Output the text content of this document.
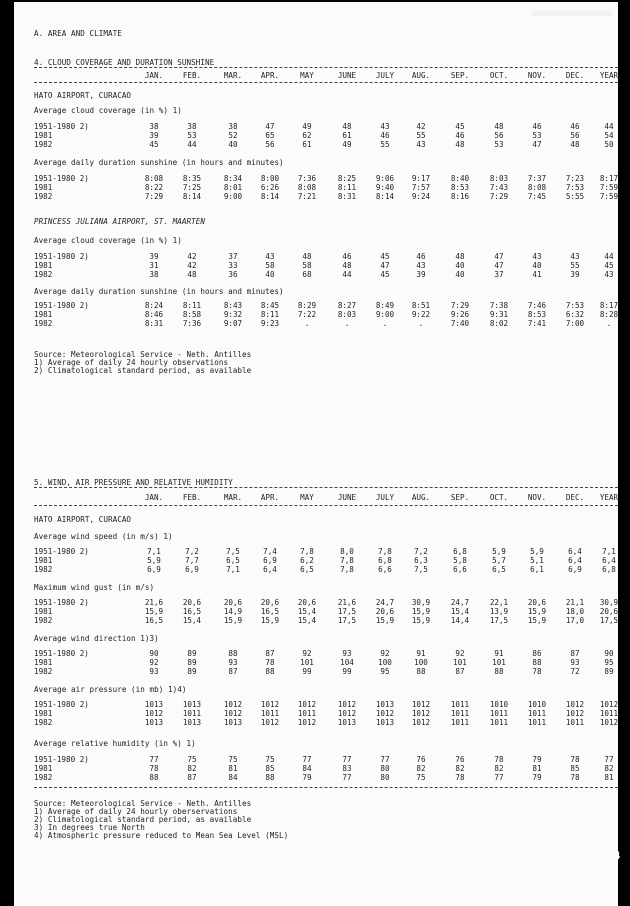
A. AREA AND CLIMATE
4. CLOUD COVERAGE AND DURATION SUNSHINE
JAN.	FEB.	MAR.	APR.	MAY	JUNE	JULY	AUG.	SEP.	OCT.	NOV.	DEC.	YEAR
HATO AIRPORT, CURACAO
Average cloud coverage (in %) 1)
1951-1980 2)	38	38	38	47	49	48	43	42	45	48	46	46	44
1981	39	53	52	65	62	61	46	55	46	56	53	56	54
1982	45	44	40	56	61	49	55	43	48	53	47	48	50
Average daily duration sunshine (in hours and minutes)
1951-1980 2)	8:08	8:35	8:34	8:00	7:36	8:25	9:06	9:17	8:40	8:03	7:37	7:23	8:17
1981	8:22	7:25	8:01	6:26	8:08	8:11	9:40	7:57	8:53	7:43	8:08	7:53	7:59
1982	7:29	8:14	9:00	8:14	7:21	8:31	8:14	9:24	8:16	7:29	7:45	5:55	7:59
PRINCESS JULIANA AIRPORT, ST. MAARTEN
Average cloud coverage (in %) 1)
1951-1980 2)	39	42	37	43	48	46	45	46	48	47	43	43	44
1981	31	42	33	58	58	48	47	43	40	47	40	55	45
1982	38	48	36	40	68	44	45	39	40	37	41	39	43
Average daily duration sunshine (in hours and minutes)
1951-1980 2)	8:24	8:11	8:43	8:45	8:29	8:27	8:49	8:51	7:29	7:38	7:46	7:53	8:17
1981	8:46	8:58	9:32	8:11	7:22	8:03	9:00	9:22	9:26	9:31	8:53	6:32	8:28
1982	8:31	7:36	9:07	9:23	.	.	.	.	7:40	8:02	7:41	7:00	.
Source: Meteorological Service - Neth. Antilles
1) Average of daily 24 hourly observations
2) Climatological standard period, as available
5. WIND, AIR PRESSURE AND RELATIVE HUMIDITY
JAN.	FEB.	MAR.	APR.	MAY	JUNE	JULY	AUG.	SEP.	OCT.	NOV.	DEC.	YEAR
HATO AIRPORT, CURACAO
Average wind speed (in m/s) 1)
1951-1980 2)	7,1	7,2	7,5	7,4	7,8	8,0	7,8	7,2	6,8	5,9	5,9	6,4	7,1
1981	5,9	7,7	6,5	6,9	6,2	7,8	6,8	6,3	5,8	5,7	5,1	6,4	6,4
1982	6,9	6,9	7,1	6,4	6,5	7,8	6,6	7,5	6,6	6,5	6,1	6,9	6,8
Maximum wind gust (in m/s)
1951-1980 2)	21,6	20,6	20,6	20,6	20,6	21,6	24,7	30,9	24,7	22,1	20,6	21,1	30,9
1981	15,9	16,5	14,9	16,5	15,4	17,5	20,6	15,9	15,4	13,9	15,9	18,0	20,6
1982	16,5	15,4	15,9	15,9	15,4	17,5	15,9	15,9	14,4	17,5	15,9	17,0	17,5
Average wind direction 1)3)
1951-1980 2)	90	89	88	87	92	93	92	91	92	91	86	87	90
1981	92	89	93	78	101	104	100	100	101	101	88	93	95
1982	93	89	87	88	99	99	95	88	87	88	78	72	89
Average air pressure (in mb) 1)4)
1951-1980 2)	1013	1013	1012	1012	1012	1012	1013	1012	1011	1010	1010	1012	1012
1981	1012	1011	1012	1011	1011	1012	1012	1012	1011	1011	1011	1012	1011
1982	1013	1013	1013	1012	1012	1013	1013	1012	1011	1011	1011	1011	1012
Average relative humidity (in %) 1)
1951-1980 2)	77	75	75	75	77	77	77	76	76	78	79	78	77
1981	78	82	81	85	84	83	80	82	82	82	81	85	82
1982	88	87	84	88	79	77	80	75	78	77	79	78	81
Source: Meteorological Service - Neth. Antilles
1) Average of daily 24 hourly oberservations
2) Climatological standard period, as available
3) In degrees true North
4) Atmospheric pressure reduced to Mean Sea Level (MSL)
4
